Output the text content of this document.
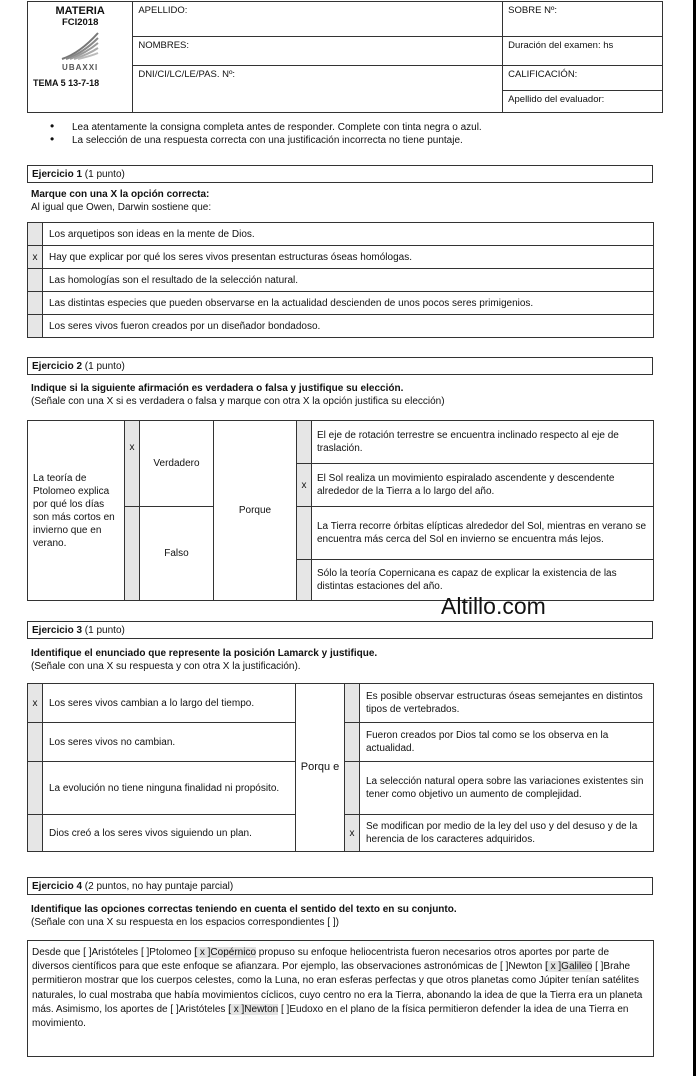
MATERIA
FCI2018
UBAXXI
TEMA 5 13-7-18	APELLIDO:	SOBRE Nº:
	NOMBRES:	Duración del examen: hs
	DNI/CI/LC/LE/PAS. Nº:	CALIFICACIÓN:
Apellido del evaluador:
• Lea atentamente la consigna completa antes de responder. Complete con tinta negra o azul.
• La selección de una respuesta correcta con una justificación incorrecta no tiene puntaje.
Ejercicio 1 (1 punto)
Marque con una X la opción correcta:
Al igual que Owen, Darwin sostiene que:
	Los arquetipos son ideas en la mente de Dios.
x	Hay que explicar por qué los seres vivos presentan estructuras óseas homólogas.
	Las homologías son el resultado de la selección natural.
	Las distintas especies que pueden observarse en la actualidad descienden de unos pocos seres primigenios.
	Los seres vivos fueron creados por un diseñador bondadoso.
Ejercicio 2 (1 punto)
Indique si la siguiente afirmación es verdadera o falsa y justifique su elección.
(Señale con una X si es verdadera o falsa y marque con otra X la opción justifica su elección)
La teoría de Ptolomeo explica por qué los días son más cortos en invierno que en verano.	x	Verdadero	Porque		El eje de rotación terrestre se encuentra inclinado respecto al eje de traslación.
				x	El Sol realiza un movimiento espiralado ascendente y descendente alrededor de la Tierra a lo largo del año.
		Falso			La Tierra recorre órbitas elípticas alrededor del Sol, mientras en verano se encuentra más cerca del Sol en invierno se encuentra más lejos.
					Sólo la teoría Copernicana es capaz de explicar la existencia de las distintas estaciones del año.
Altillo.com
Ejercicio 3 (1 punto)
Identifique el enunciado que represente la posición Lamarck y justifique.
(Señale con una X su respuesta y con otra X la justificación).
x	Los seres vivos cambian a lo largo del tiempo.	Porqu e		Es posible observar estructuras óseas semejantes en distintos tipos de vertebrados.
	Los seres vivos no cambian.			Fueron creados por Dios tal como se los observa en la actualidad.
	La evolución no tiene ninguna finalidad ni propósito.			La selección natural opera sobre las variaciones existentes sin tener como objetivo un aumento de complejidad.
	Dios creó a los seres vivos siguiendo un plan.		x	Se modifican por medio de la ley del uso y del desuso y de la herencia de los caracteres adquiridos.
Ejercicio 4 (2 puntos, no hay puntaje parcial)
Identifique las opciones correctas teniendo en cuenta el sentido del texto en su conjunto.
(Señale con una X su respuesta en los espacios correspondientes [ ])
Desde que [ ]Aristóteles [ ]Ptolomeo [ x ]Copérnico propuso su enfoque heliocentrista fueron necesarios otros aportes por parte de diversos científicos para que este enfoque se afianzara. Por ejemplo, las observaciones astronómicas de [ ]Newton [ x ]Galileo [ ]Brahe permitieron mostrar que los cuerpos celestes, como la Luna, no eran esferas perfectas y que otros planetas como Júpiter tenían satélites naturales, lo cual mostraba que había movimientos cíclicos, cuyo centro no era la Tierra, abonando la idea de que la Tierra era un planeta más. Asimismo, los aportes de [ ]Aristóteles [ x ]Newton [ ]Eudoxo en el plano de la física permitieron defender la idea de una Tierra en movimiento.
